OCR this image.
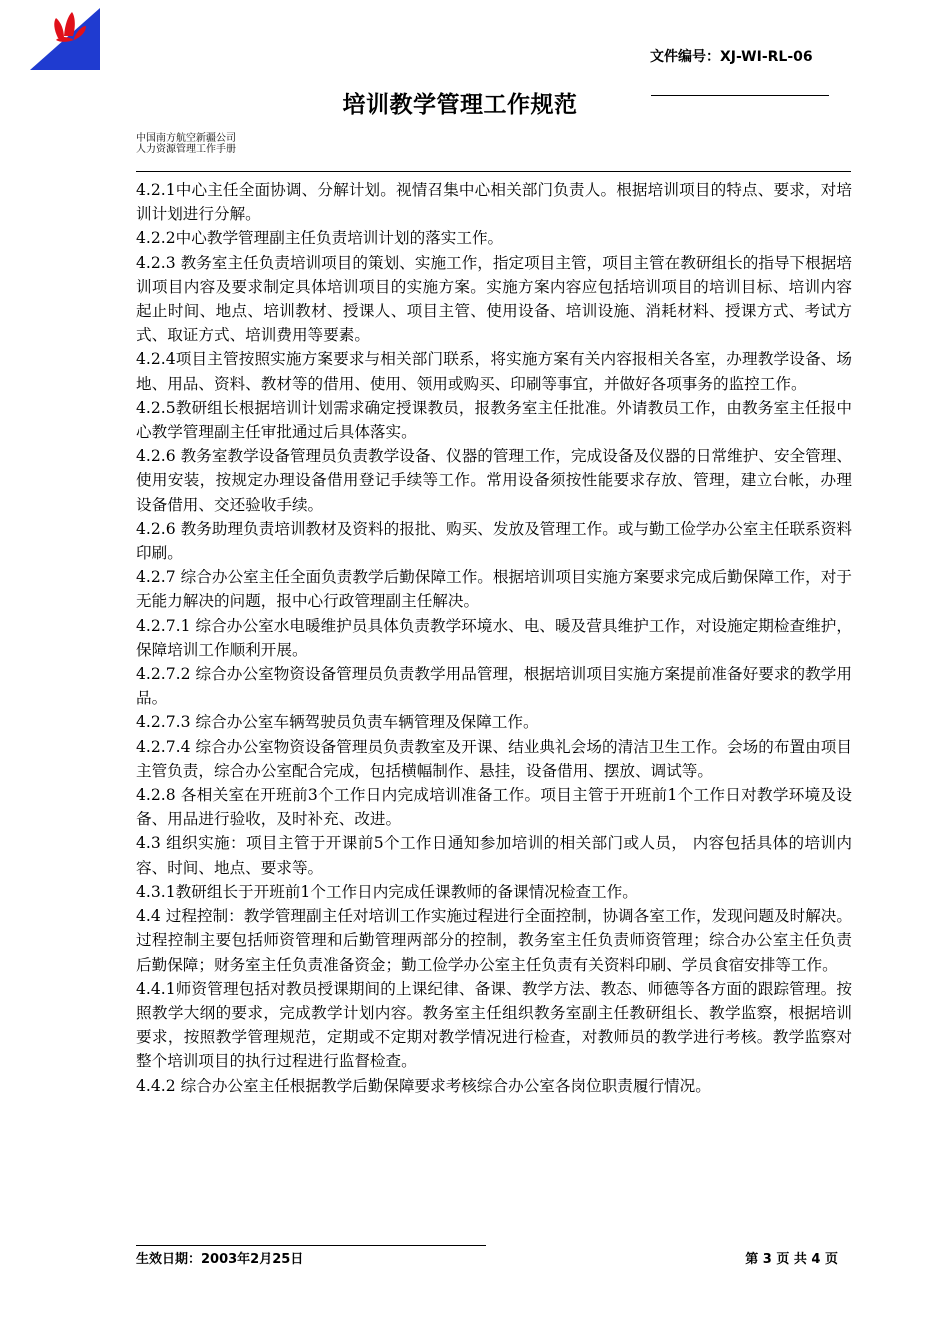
文件编号：XJ-WI-RL-06
培训教学管理工作规范
中国南方航空新疆公司
人力资源管理工作手册

4.2.1中心主任全面协调、分解计划。视情召集中心相关部门负责人。根据培训项目的特点、要求，对培训计划进行分解。

4.2.2中心教学管理副主任负责培训计划的落实工作。

4.2.3 教务室主任负责培训项目的策划、实施工作，指定项目主管，项目主管在教研组长的指导下根据培训项目内容及要求制定具体培训项目的实施方案。实施方案内容应包括培训项目的培训目标、培训内容起止时间、地点、培训教材、授课人、项目主管、使用设备、培训设施、消耗材料、授课方式、考试方式、取证方式、培训费用等要素。

4.2.4项目主管按照实施方案要求与相关部门联系，将实施方案有关内容报相关各室，办理教学设备、场地、用品、资料、教材等的借用、使用、领用或购买、印刷等事宜，并做好各项事务的监控工作。

4.2.5教研组长根据培训计划需求确定授课教员，报教务室主任批准。外请教员工作，由教务室主任报中心教学管理副主任审批通过后具体落实。

4.2.6 教务室教学设备管理员负责教学设备、仪器的管理工作，完成设备及仪器的日常维护、安全管理、使用安装，按规定办理设备借用登记手续等工作。常用设备须按性能要求存放、管理，建立台帐，办理设备借用、交还验收手续。

4.2.6 教务助理负责培训教材及资料的报批、购买、发放及管理工作。或与勤工俭学办公室主任联系资料印刷。

4.2.7 综合办公室主任全面负责教学后勤保障工作。根据培训项目实施方案要求完成后勤保障工作，对于无能力解决的问题，报中心行政管理副主任解决。

4.2.7.1 综合办公室水电暖维护员具体负责教学环境水、电、暖及营具维护工作，对设施定期检查维护，保障培训工作顺利开展。

4.2.7.2 综合办公室物资设备管理员负责教学用品管理，根据培训项目实施方案提前准备好要求的教学用品。

4.2.7.3 综合办公室车辆驾驶员负责车辆管理及保障工作。

4.2.7.4 综合办公室物资设备管理员负责教室及开课、结业典礼会场的清洁卫生工作。会场的布置由项目主管负责，综合办公室配合完成，包括横幅制作、悬挂，设备借用、摆放、调试等。

4.2.8 各相关室在开班前3个工作日内完成培训准备工作。项目主管于开班前1个工作日对教学环境及设备、用品进行验收，及时补充、改进。

4.3 组织实施：项目主管于开课前5个工作日通知参加培训的相关部门或人员， 内容包括具体的培训内容、时间、地点、要求等。

4.3.1教研组长于开班前1个工作日内完成任课教师的备课情况检查工作。

4.4 过程控制：教学管理副主任对培训工作实施过程进行全面控制，协调各室工作，发现问题及时解决。过程控制主要包括师资管理和后勤管理两部分的控制，教务室主任负责师资管理；综合办公室主任负责后勤保障；财务室主任负责准备资金；勤工俭学办公室主任负责有关资料印刷、学员食宿安排等工作。

4.4.1师资管理包括对教员授课期间的上课纪律、备课、教学方法、教态、师德等各方面的跟踪管理。按照教学大纲的要求，完成教学计划内容。教务室主任组织教务室副主任教研组长、教学监察，根据培训要求，按照教学管理规范，定期或不定期对教学情况进行检查，对教师员的教学进行考核。教学监察对整个培训项目的执行过程进行监督检查。

4.4.2 综合办公室主任根据教学后勤保障要求考核综合办公室各岗位职责履行情况。

生效日期：2003年2月25日	第 3 页 共 4 页
